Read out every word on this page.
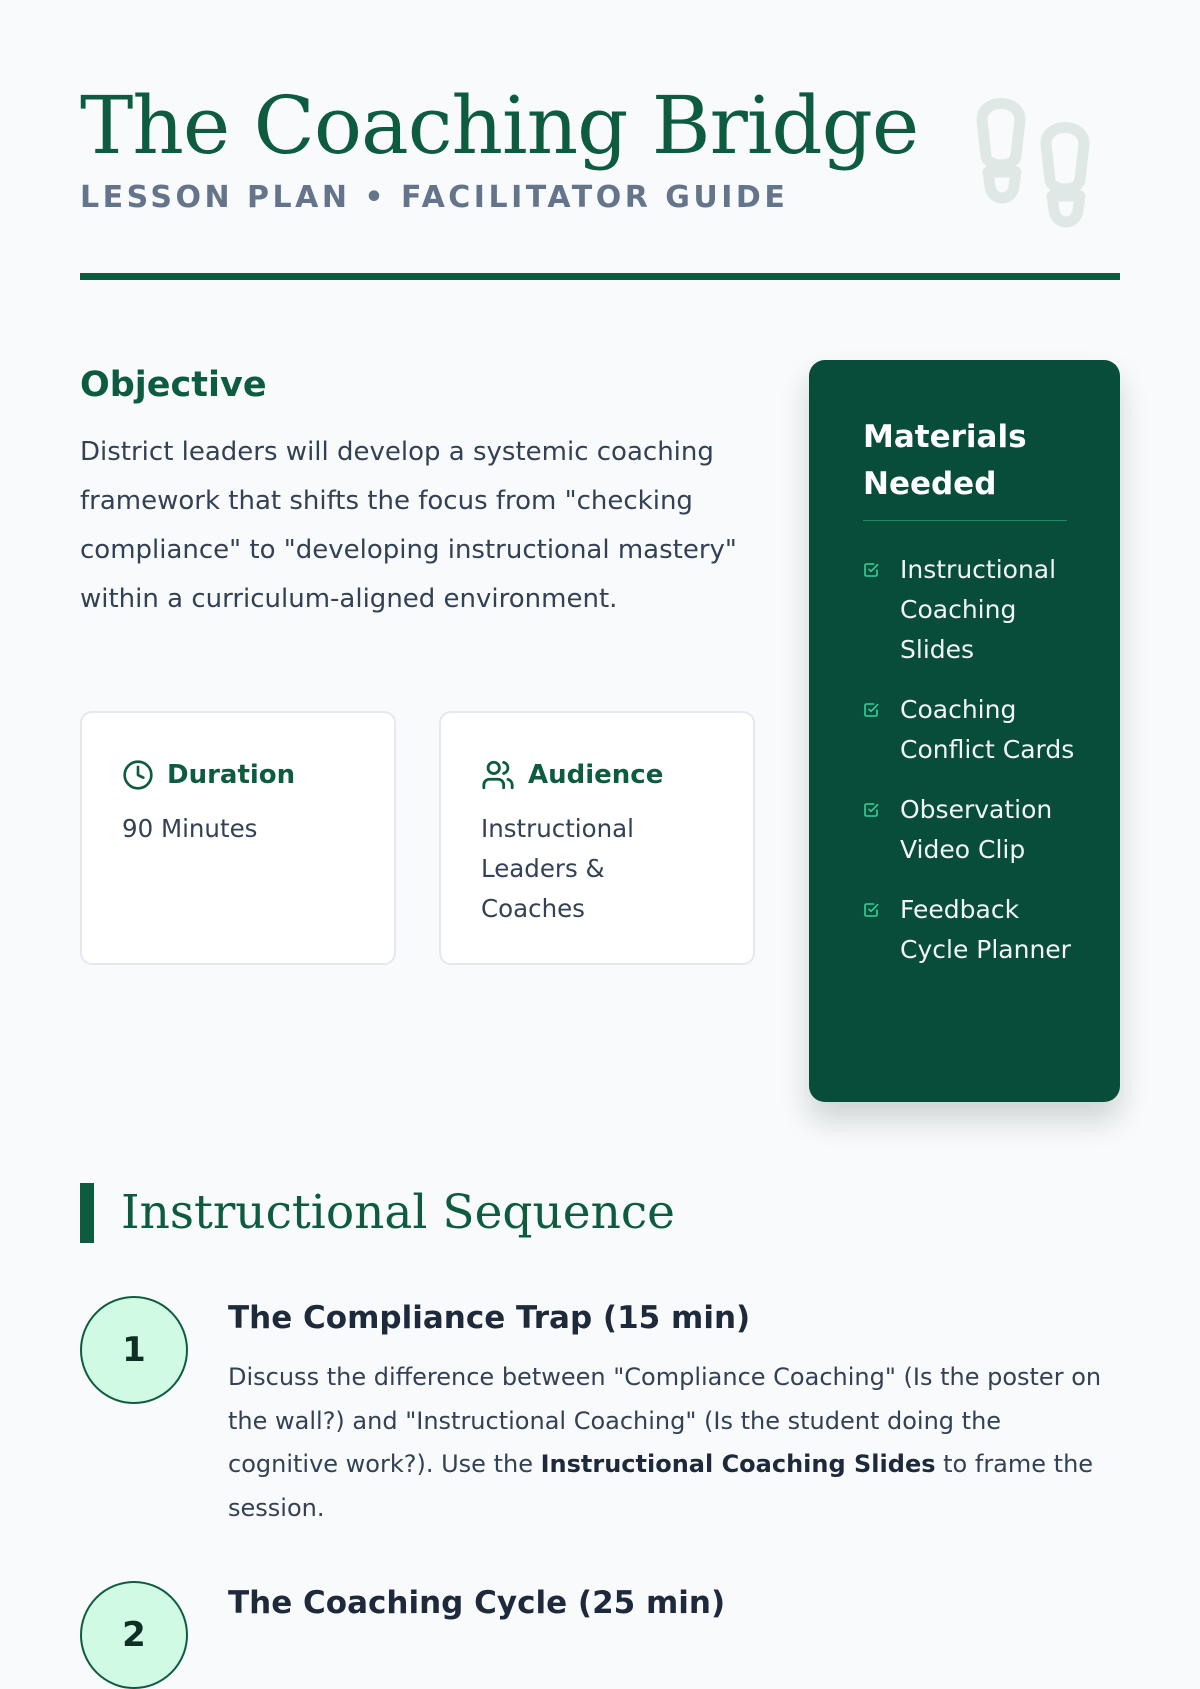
The Coaching Bridge
LESSON PLAN • FACILITATOR GUIDE
Objective

District leaders will develop a systemic coaching framework that shifts the focus from "checking compliance" to "developing instructional mastery" within a curriculum-aligned environment.

Duration

90 Minutes

Audience

Instructional Leaders & Coaches

Materials
Needed
Instructional Coaching Slides
Coaching Conflict Cards
Observation Video Clip
Feedback Cycle Planner
Instructional Sequence
1
The Compliance Trap (15 min)

Discuss the difference between "Compliance Coaching" (Is the poster on the wall?) and "Instructional Coaching" (Is the student doing the cognitive work?). Use the Instructional Coaching Slides to frame the session.

2
The Coaching Cycle (25 min)
